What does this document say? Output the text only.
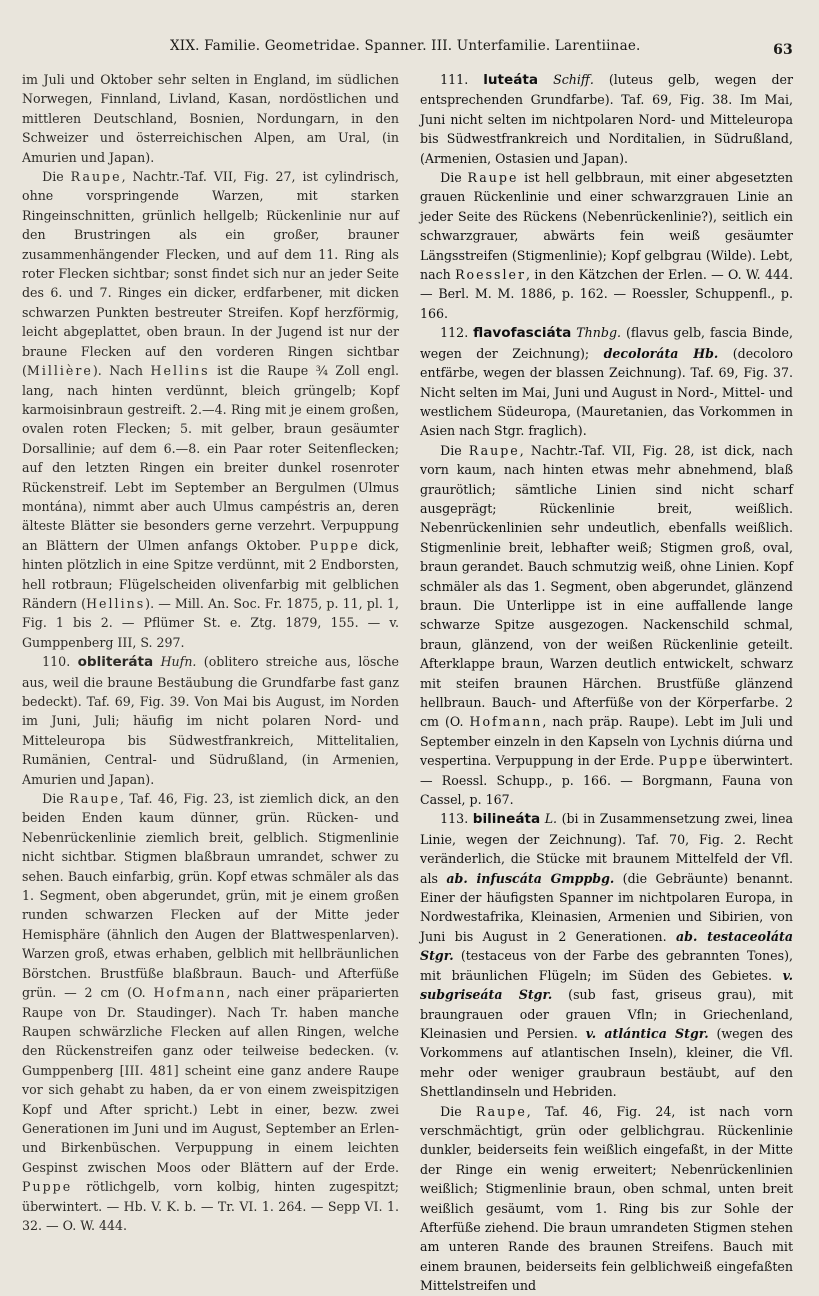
XIX. Familie. Geometridae. Spanner. III. Unterfamilie. Larentiinae.	63

im Juli und Oktober sehr selten in England, im südlichen Norwegen, Finnland, Livland, Kasan, nordöstlichen und mittleren Deutschland, Bosnien, Nordungarn, in den Schweizer und österreichischen Alpen, am Ural, (in Amurien und Japan).

Die Raupe, Nachtr.-Taf. VII, Fig. 27, ist cylindrisch, ohne vorspringende Warzen, mit starken Ringeinschnitten, grünlich hellgelb; Rückenlinie nur auf den Brustringen als ein großer, brauner zusammenhängender Flecken, und auf dem 11. Ring als roter Flecken sichtbar; sonst findet sich nur an jeder Seite des 6. und 7. Ringes ein dicker, erdfarbener, mit dicken schwarzen Punkten bestreuter Streifen. Kopf herzförmig, leicht abgeplattet, oben braun. In der Jugend ist nur der braune Flecken auf den vorderen Ringen sichtbar (Millière). Nach Hellins ist die Raupe ¾ Zoll engl. lang, nach hinten verdünnt, bleich grüngelb; Kopf karmoisinbraun gestreift. 2.—4. Ring mit je einem großen, ovalen roten Flecken; 5. mit gelber, braun gesäumter Dorsallinie; auf dem 6.—8. ein Paar roter Seitenflecken; auf den letzten Ringen ein breiter dunkel rosenroter Rückenstreif. Lebt im September an Bergulmen (Ulmus montána), nimmt aber auch Ulmus campéstris an, deren älteste Blätter sie besonders gerne verzehrt. Verpuppung an Blättern der Ulmen anfangs Oktober. Puppe dick, hinten plötzlich in eine Spitze verdünnt, mit 2 Endborsten, hell rotbraun; Flügelscheiden olivenfarbig mit gelblichen Rändern (Hellins). — Mill. An. Soc. Fr. 1875, p. 11, pl. 1, Fig. 1 bis 2. — Pflümer St. e. Ztg. 1879, 155. — v. Gumppenberg III, S. 297.

110. obliteráta Hufn. (oblitero streiche aus, lösche aus, weil die braune Bestäubung die Grundfarbe fast ganz bedeckt). Taf. 69, Fig. 39. Von Mai bis August, im Norden im Juni, Juli; häufig im nicht polaren Nord- und Mitteleuropa bis Südwestfrankreich, Mittelitalien, Rumänien, Central- und Südrußland, (in Armenien, Amurien und Japan).

Die Raupe, Taf. 46, Fig. 23, ist ziemlich dick, an den beiden Enden kaum dünner, grün. Rücken- und Nebenrückenlinie ziemlich breit, gelblich. Stigmenlinie nicht sichtbar. Stigmen blaßbraun umrandet, schwer zu sehen. Bauch einfarbig, grün. Kopf etwas schmäler als das 1. Segment, oben abgerundet, grün, mit je einem großen runden schwarzen Flecken auf der Mitte jeder Hemisphäre (ähnlich den Augen der Blattwespenlarven). Warzen groß, etwas erhaben, gelblich mit hellbräunlichen Börstchen. Brustfüße blaßbraun. Bauch- und Afterfüße grün. — 2 cm (O. Hofmann, nach einer präparierten Raupe von Dr. Staudinger). Nach Tr. haben manche Raupen schwärzliche Flecken auf allen Ringen, welche den Rückenstreifen ganz oder teilweise bedecken. (v. Gumppenberg [III. 481] scheint eine ganz andere Raupe vor sich gehabt zu haben, da er von einem zweispitzigen Kopf und After spricht.) Lebt in einer, bezw. zwei Generationen im Juni und im August, September an Erlen- und Birkenbüschen. Verpuppung in einem leichten Gespinst zwischen Moos oder Blättern auf der Erde. Puppe rötlichgelb, vorn kolbig, hinten zugespitzt; überwintert. — Hb. V. K. b. — Tr. VI. 1. 264. — Sepp VI. 1. 32. — O. W. 444.

111. luteáta Schiff. (luteus gelb, wegen der entsprechenden Grundfarbe). Taf. 69, Fig. 38. Im Mai, Juni nicht selten im nichtpolaren Nord- und Mitteleuropa bis Südwestfrankreich und Norditalien, in Südrußland, (Armenien, Ostasien und Japan).

Die Raupe ist hell gelbbraun, mit einer abgesetzten grauen Rückenlinie und einer schwarzgrauen Linie an jeder Seite des Rückens (Nebenrückenlinie?), seitlich ein schwarzgrauer, abwärts fein weiß gesäumter Längsstreifen (Stigmenlinie); Kopf gelbgrau (Wilde). Lebt, nach Roessler, in den Kätzchen der Erlen. — O. W. 444. — Berl. M. M. 1886, p. 162. — Roessler, Schuppenfl., p. 166.

112. flavofasciáta Thnbg. (flavus gelb, fascia Binde, wegen der Zeichnung); decoloráta Hb. (decoloro entfärbe, wegen der blassen Zeichnung). Taf. 69, Fig. 37. Nicht selten im Mai, Juni und August in Nord-, Mittel- und westlichem Südeuropa, (Mauretanien, das Vorkommen in Asien nach Stgr. fraglich).

Die Raupe, Nachtr.-Taf. VII, Fig. 28, ist dick, nach vorn kaum, nach hinten etwas mehr abnehmend, blaß graurötlich; sämtliche Linien sind nicht scharf ausgeprägt; Rückenlinie breit, weißlich. Nebenrückenlinien sehr undeutlich, ebenfalls weißlich. Stigmenlinie breit, lebhafter weiß; Stigmen groß, oval, braun gerandet. Bauch schmutzig weiß, ohne Linien. Kopf schmäler als das 1. Segment, oben abgerundet, glänzend braun. Die Unterlippe ist in eine auffallende lange schwarze Spitze ausgezogen. Nackenschild schmal, braun, glänzend, von der weißen Rückenlinie geteilt. Afterklappe braun, Warzen deutlich entwickelt, schwarz mit steifen braunen Härchen. Brustfüße glänzend hellbraun. Bauch- und Afterfüße von der Körperfarbe. 2 cm (O. Hofmann, nach präp. Raupe). Lebt im Juli und September einzeln in den Kapseln von Lychnis diúrna und vespertina. Verpuppung in der Erde. Puppe überwintert. — Roessl. Schupp., p. 166. — Borgmann, Fauna von Cassel, p. 167.

113. bilineáta L. (bi in Zusammensetzung zwei, linea Linie, wegen der Zeichnung). Taf. 70, Fig. 2. Recht veränderlich, die Stücke mit braunem Mittelfeld der Vfl. als ab. infuscáta Gmppbg. (die Gebräunte) benannt. Einer der häufigsten Spanner im nichtpolaren Europa, in Nordwestafrika, Kleinasien, Armenien und Sibirien, von Juni bis August in 2 Generationen. ab. testaceoláta Stgr. (testaceus von der Farbe des gebrannten Tones), mit bräunlichen Flügeln; im Süden des Gebietes. v. subgriseáta Stgr. (sub fast, griseus grau), mit braungrauen oder grauen Vfln; in Griechenland, Kleinasien und Persien. v. atlántica Stgr. (wegen des Vorkommens auf atlantischen Inseln), kleiner, die Vfl. mehr oder weniger graubraun bestäubt, auf den Shettlandinseln und Hebriden.

Die Raupe, Taf. 46, Fig. 24, ist nach vorn verschmächtigt, grün oder gelblichgrau. Rückenlinie dunkler, beiderseits fein weißlich eingefaßt, in der Mitte der Ringe ein wenig erweitert; Nebenrückenlinien weißlich; Stigmenlinie braun, oben schmal, unten breit weißlich gesäumt, vom 1. Ring bis zur Sohle der Afterfüße ziehend. Die braun umrandeten Stigmen stehen am unteren Rande des braunen Streifens. Bauch mit einem braunen, beiderseits fein gelblichweiß eingefaßten Mittelstreifen und
